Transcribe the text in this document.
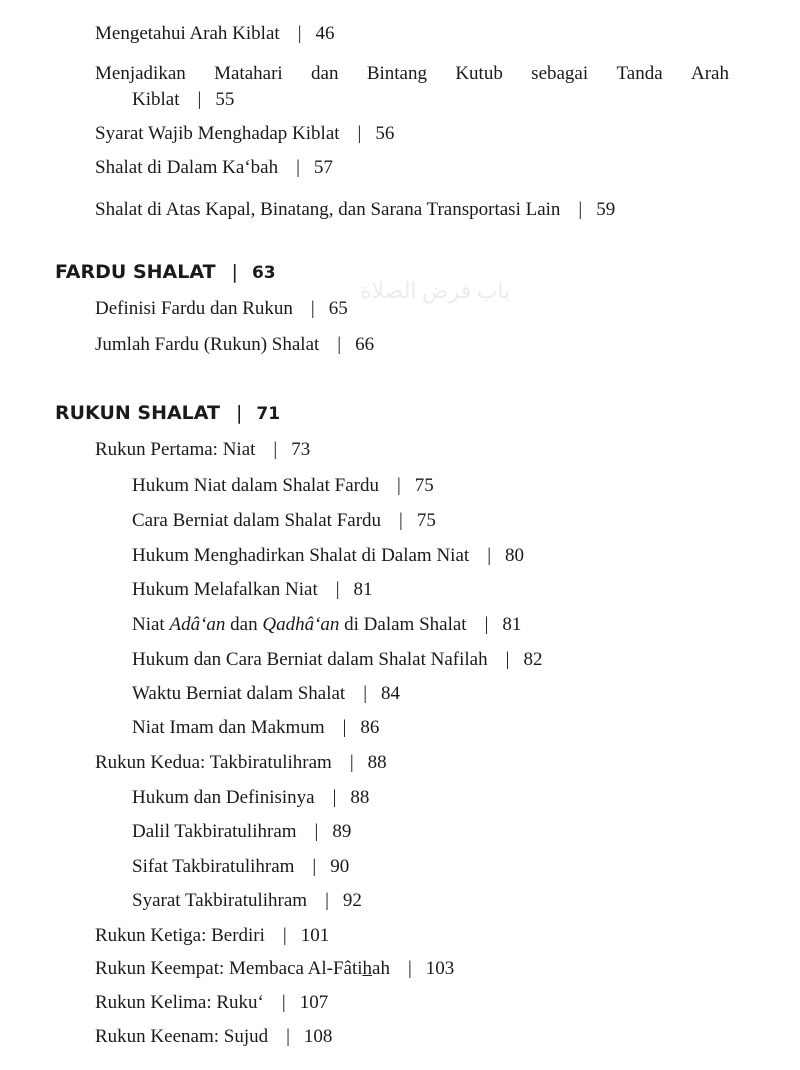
ﺑﺎﺏ ﻓﺮﺽ ﺍﻟﺼﻼﺓ
Mengetahui Arah Kiblat | 46
Menjadikan Matahari dan Bintang Kutub sebagai Tanda Arah
Kiblat | 55
Syarat Wajib Menghadap Kiblat | 56
Shalat di Dalam Ka‘bah | 57
Shalat di Atas Kapal, Binatang, dan Sarana Transportasi Lain | 59
FARDU SHALAT | 63
Definisi Fardu dan Rukun | 65
Jumlah Fardu (Rukun) Shalat | 66
RUKUN SHALAT | 71
Rukun Pertama: Niat | 73
Hukum Niat dalam Shalat Fardu | 75
Cara Berniat dalam Shalat Fardu | 75
Hukum Menghadirkan Shalat di Dalam Niat | 80
Hukum Melafalkan Niat | 81
Niat Adâ‘an dan Qadhâ‘an di Dalam Shalat | 81
Hukum dan Cara Berniat dalam Shalat Nafilah | 82
Waktu Berniat dalam Shalat | 84
Niat Imam dan Makmum | 86
Rukun Kedua: Takbiratulihram | 88
Hukum dan Definisinya | 88
Dalil Takbiratulihram | 89
Sifat Takbiratulihram | 90
Syarat Takbiratulihram | 92
Rukun Ketiga: Berdiri | 101
Rukun Keempat: Membaca Al-Fâtihah | 103
Rukun Kelima: Ruku‘ | 107
Rukun Keenam: Sujud | 108
